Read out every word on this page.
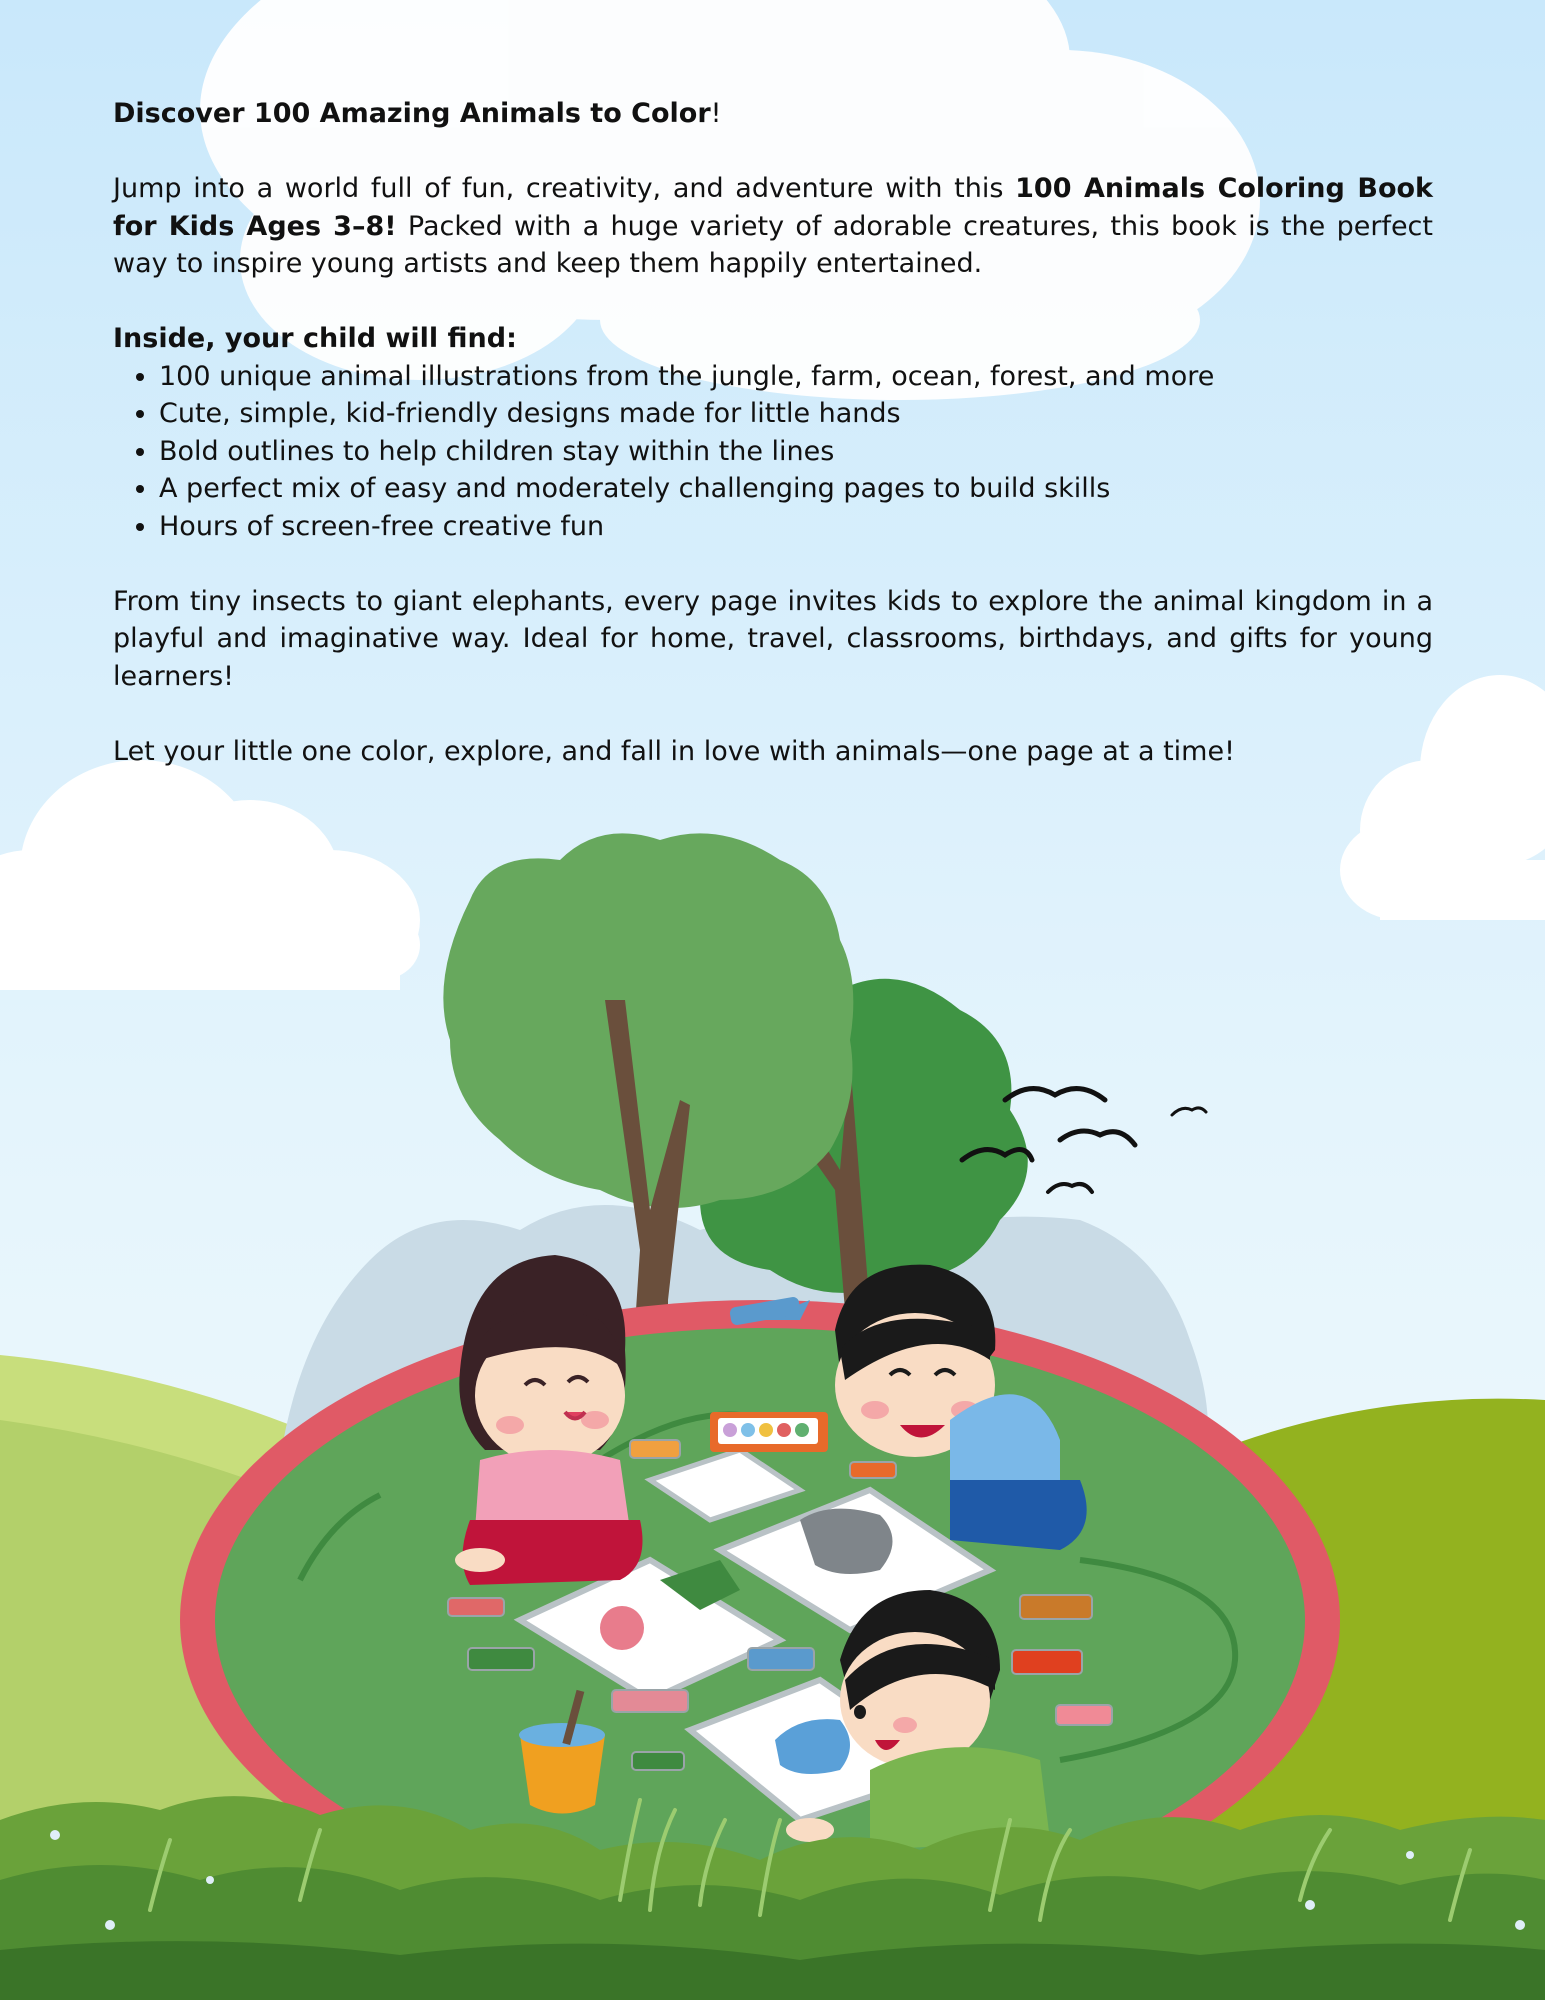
Discover 100 Amazing Animals to Color!

Jump into a world full of fun, creativity, and adventure with this 100 Animals Coloring Book for Kids Ages 3–8! Packed with a huge variety of adorable creatures, this book is the perfect way to inspire young artists and keep them happily entertained.

Inside, your child will find:

• 100 unique animal illustrations from the jungle, farm, ocean, forest, and more
• Cute, simple, kid-friendly designs made for little hands
• Bold outlines to help children stay within the lines
• A perfect mix of easy and moderately challenging pages to build skills
• Hours of screen-free creative fun

From tiny insects to giant elephants, every page invites kids to explore the animal kingdom in a playful and imaginative way. Ideal for home, travel, classrooms, birthdays, and gifts for young learners!

Let your little one color, explore, and fall in love with animals—one page at a time!
